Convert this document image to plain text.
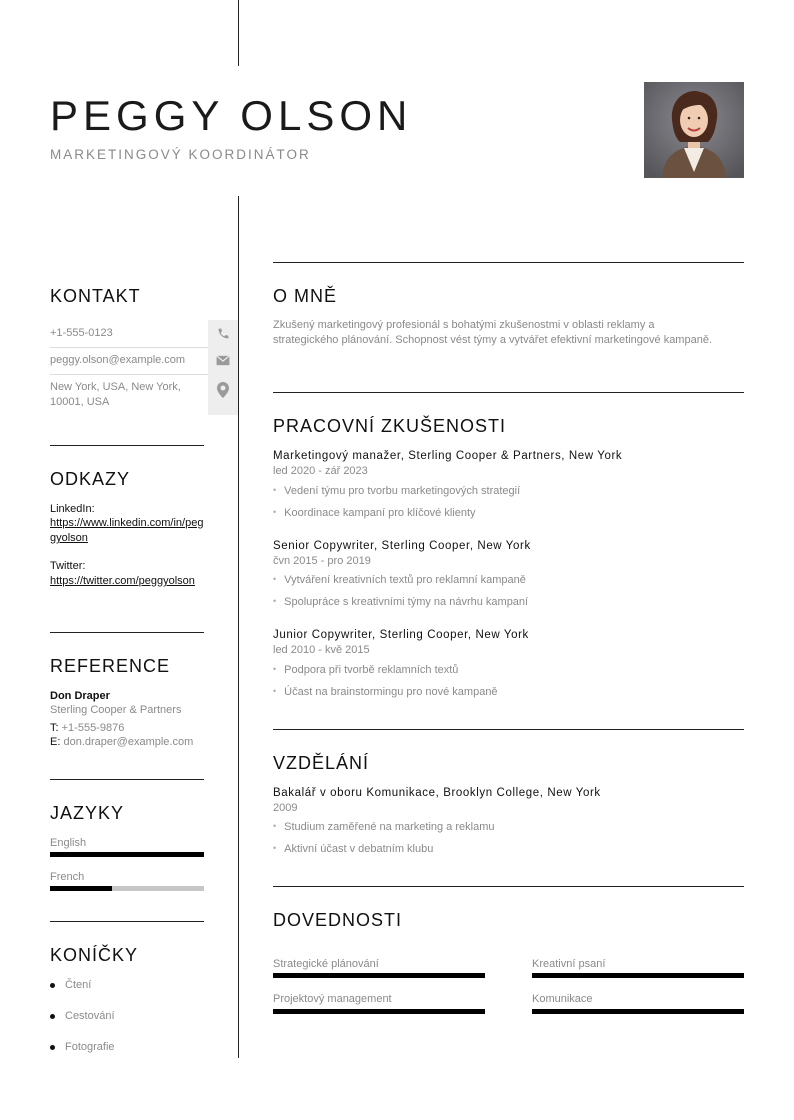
PEGGY OLSON
MARKETINGOVÝ KOORDINÁTOR
KONTAKT
+1-555-0123
peggy.olson@example.com
New York, USA, New York, 10001, USA
ODKAZY
LinkedIn:
https://www.linkedin.com/in/peggyolson
Twitter:
https://twitter.com/peggyolson
REFERENCE
Don Draper
Sterling Cooper & Partners
T: +1-555-9876
E: don.draper@example.com
JAZYKY
English
French
KONÍČKY
Čtení
Cestování
Fotografie
O MNĚ
Zkušený marketingový profesionál s bohatými zkušenostmi v oblasti reklamy a strategického plánování. Schopnost vést týmy a vytvářet efektivní marketingové kampaně.
PRACOVNÍ ZKUŠENOSTI
Marketingový manažer, Sterling Cooper & Partners, New York
led 2020 - zář 2023
• Vedení týmu pro tvorbu marketingových strategií
• Koordinace kampaní pro klíčové klienty
Senior Copywriter, Sterling Cooper, New York
čvn 2015 - pro 2019
• Vytváření kreativních textů pro reklamní kampaně
• Spolupráce s kreativními týmy na návrhu kampaní
Junior Copywriter, Sterling Cooper, New York
led 2010 - kvě 2015
• Podpora při tvorbě reklamních textů
• Účast na brainstormingu pro nové kampaně
VZDĚLÁNÍ
Bakalář v oboru Komunikace, Brooklyn College, New York
2009
• Studium zaměřené na marketing a reklamu
• Aktivní účast v debatním klubu
DOVEDNOSTI
Strategické plánování	Kreativní psaní
Projektový management	Komunikace
